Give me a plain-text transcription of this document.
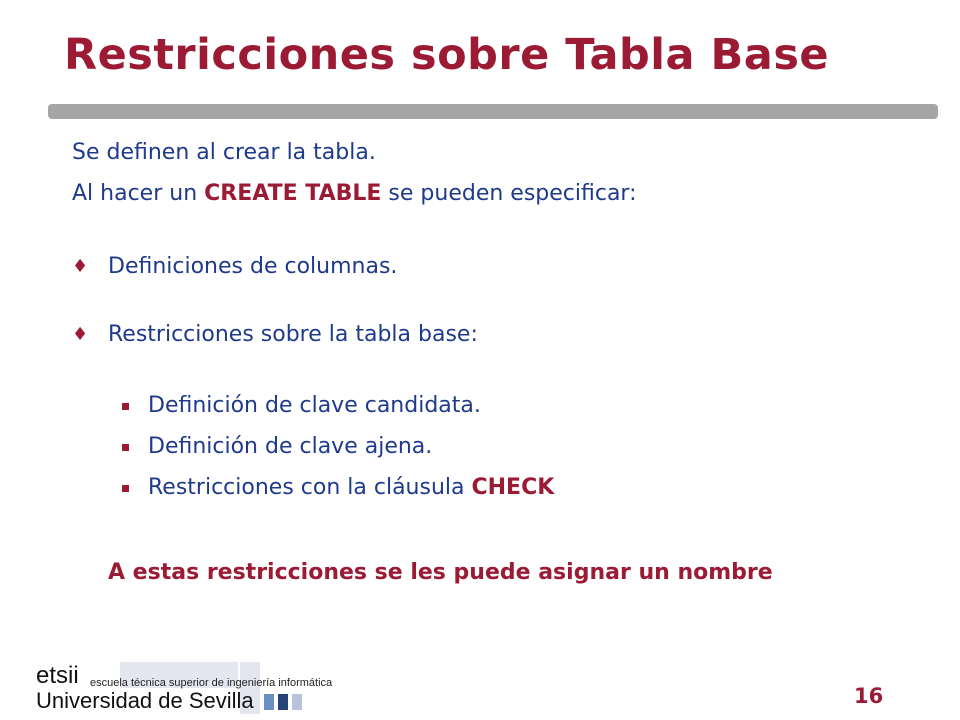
Restricciones sobre Tabla Base
Se definen al crear la tabla.
Al hacer un CREATE TABLE se pueden especificar:
♦ Definiciones de columnas.
♦ Restricciones sobre la tabla base:
Definición de clave candidata.
Definición de clave ajena.
Restricciones con la cláusula CHECK
A estas restricciones se les puede asignar un nombre
etsii escuela técnica superior de ingeniería informática
Universidad de Sevilla	16
